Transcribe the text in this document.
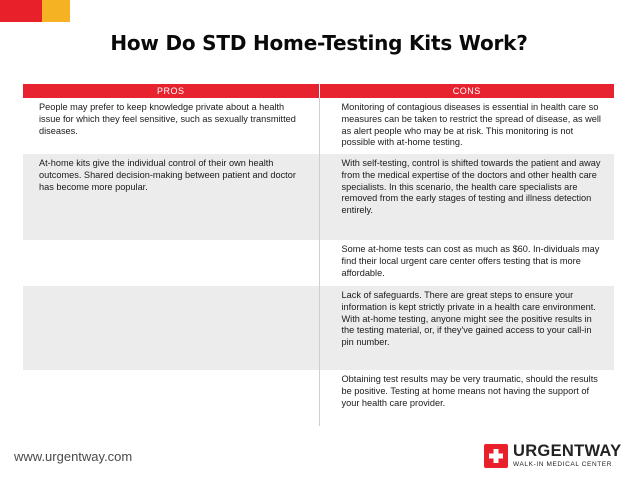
How Do STD Home-Testing Kits Work?
PROS	CONS
People may prefer to keep knowledge private about a health issue for which they feel sensitive, such as sexually transmitted diseases.	Monitoring of contagious diseases is essential in health care so measures can be taken to restrict the spread of disease, as well as alert people who may be at risk. This monitoring is not possible with at-home testing.
At-home kits give the individual control of their own health outcomes. Shared decision-making between patient and doctor has become more popular.	With self-testing, control is shifted towards the patient and away from the medical expertise of the doctors and other health care specialists. In this scenario, the health care specialists are removed from the early stages of testing and illness detection entirely.
	Some at-home tests can cost as much as $60. In-dividuals may find their local urgent care center offers testing that is more affordable.
	Lack of safeguards. There are great steps to ensure your information is kept strictly private in a health care environment. With at-home testing, anyone might see the positive results in the testing material, or, if they've gained access to your call-in pin number.
	Obtaining test results may be very traumatic, should the results be positive. Testing at home means not having the support of your health care provider.
www.urgentway.com	URGENTWAY
WALK-IN MEDICAL CENTER
